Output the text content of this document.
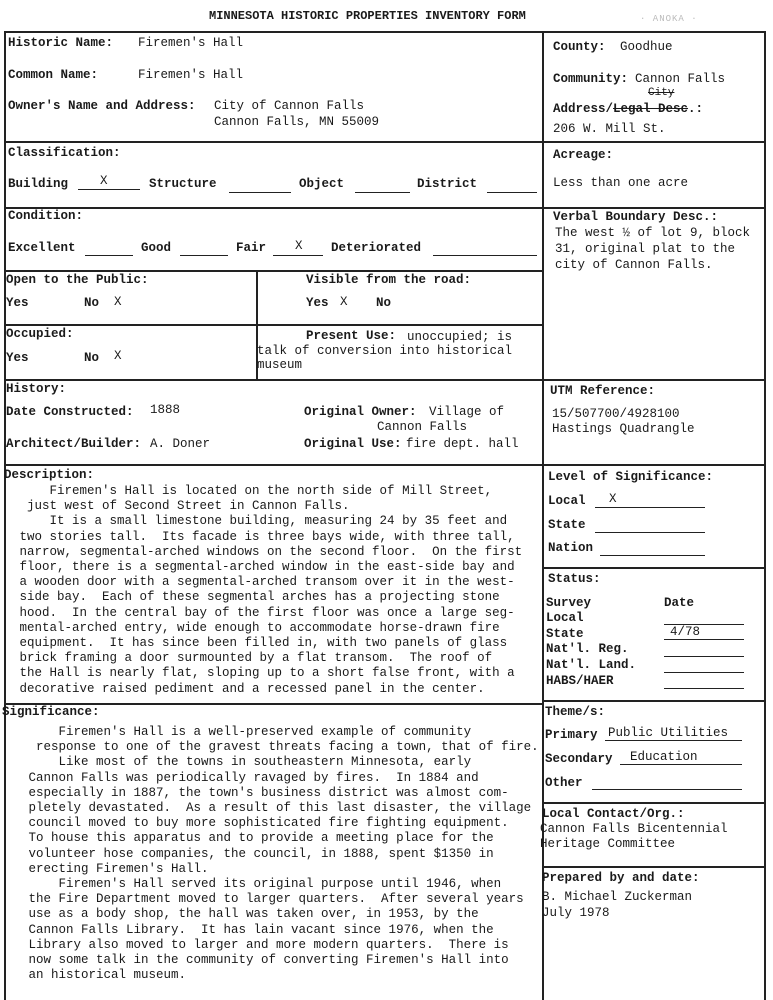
MINNESOTA HISTORIC PROPERTIES INVENTORY FORM	· ANOKA ·
Historic Name: Firemen's Hall
Common Name:	Firemen's Hall
Owner's Name and Address: City of Cannon Falls
Cannon Falls, MN 55009
County: Goodhue
Community: Cannon Falls
City
Address/Legal Desc.:
206 W. Mill St.
Classification:
Building	X	Structure	Object	District
Acreage:
Less than one acre
Condition:
Excellent	Good	Fair X Deteriorated
Verbal Boundary Desc.:
The west ½ of lot 9, block
31, original plat to the
city of Cannon Falls.
Open to the Public:
Yes	No X
Visible from the road:
Yes X No
Occupied:
Yes	No X
Present Use: unoccupied; is
talk of conversion into historical
museum
History:
Date Constructed: 1888	Original Owner: Village of
Cannon Falls
Architect/Builder: A. Doner	Original Use: fire dept. hall
UTM Reference:
15/507700/4928100
Hastings Quadrangle
Description:
Firemen's Hall is located on the north side of Mill Street,
just west of Second Street in Cannon Falls.
It is a small limestone building, measuring 24 by 35 feet and
two stories tall.  Its facade is three bays wide, with three tall,
narrow, segmental-arched windows on the second floor.  On the first
floor, there is a segmental-arched window in the east-side bay and
a wooden door with a segmental-arched transom over it in the west-
side bay.  Each of these segmental arches has a projecting stone
hood.  In the central bay of the first floor was once a large seg-
mental-arched entry, wide enough to accommodate horse-drawn fire
equipment.  It has since been filled in, with two panels of glass
brick framing a door surmounted by a flat transom.  The roof of
the Hall is nearly flat, sloping up to a short false front, with a
decorative raised pediment and a recessed panel in the center.
Level of Significance:
Local X
State
Nation
Status:
Survey	Date
Local
State	4/78
Nat'l. Reg.
Nat'l. Land.
HABS/HAER
Significance:
Firemen's Hall is a well-preserved example of community
response to one of the gravest threats facing a town, that of fire.
Like most of the towns in southeastern Minnesota, early
Cannon Falls was periodically ravaged by fires.  In 1884 and
especially in 1887, the town's business district was almost com-
pletely devastated.  As a result of this last disaster, the village
council moved to buy more sophisticated fire fighting equipment.
To house this apparatus and to provide a meeting place for the
volunteer hose companies, the council, in 1888, spent $1350 in
erecting Firemen's Hall.
Firemen's Hall served its original purpose until 1946, when
the Fire Department moved to larger quarters.  After several years
use as a body shop, the hall was taken over, in 1953, by the
Cannon Falls Library.  It has lain vacant since 1976, when the
Library also moved to larger and more modern quarters.  There is
now some talk in the community of converting Firemen's Hall into
an historical museum.
Theme/s:
Primary Public Utilities
Secondary Education
Other
Local Contact/Org.:
Cannon Falls Bicentennial
Heritage Committee
Prepared by and date:
B. Michael Zuckerman
July 1978
